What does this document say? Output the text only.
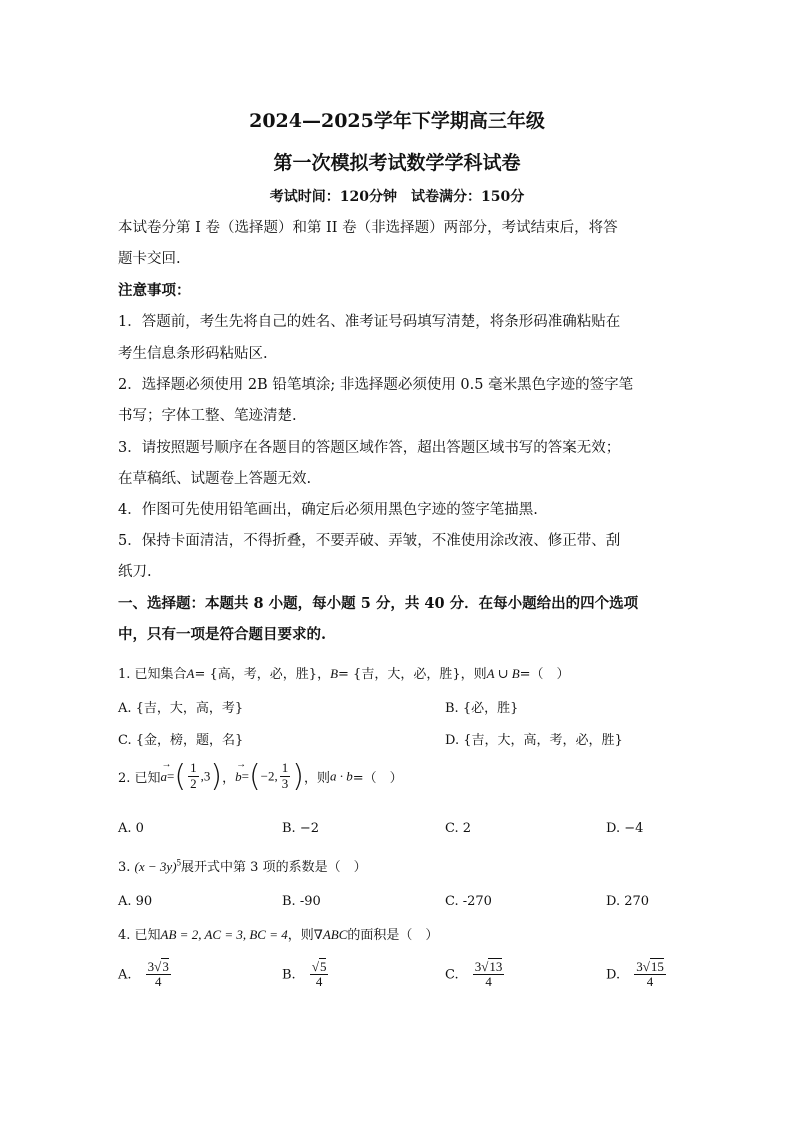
2024—2025学年下学期高三年级
第一次模拟考试数学学科试卷
考试时间：120分钟　试卷满分：150分
本试卷分第 I 卷（选择题）和第 II 卷（非选择题）两部分，考试结束后，将答
题卡交回.
注意事项：
1．答题前，考生先将自己的姓名、准考证号码填写清楚，将条形码准确粘贴在
考生信息条形码粘贴区.
2．选择题必须使用 2B 铅笔填涂; 非选择题必须使用 0.5 毫米黑色字迹的签字笔
书写；字体工整、笔迹清楚.
3．请按照题号顺序在各题目的答题区域作答，超出答题区域书写的答案无效；
在草稿纸、试题卷上答题无效.
4．作图可先使用铅笔画出，确定后必须用黑色字迹的签字笔描黑.
5．保持卡面清洁，不得折叠，不要弄破、弄皱，不准使用涂改液、修正带、刮
纸刀.
一、选择题：本题共 8 小题，每小题 5 分，共 40 分．在每小题给出的四个选项
中，只有一项是符合题目要求的.
1. 已知集合A= {高，考，必，胜}，B= {吉，大，必，胜}，则A ∪ B=（　）
A. {吉，大，高，考}	B. {必，胜}
C. {金，榜，题，名}	D. {吉，大，高，考，必，胜}
2. 已知
→
$a=( \frac{1}{2} ,3)$，
→
b=(−2, $\frac{1}{3}$ )，则a · b=（　）
A. 0	B. −2	C. 2	D. −4
3. $(x - 3y)^5$展开式中第 3 项的系数是（　）
A. 90	B. -90	C. -270	D. 270
4. 已知AB = 2, AC = 3, BC = 4，则∇ABC的面积是（　）
A. $\frac{3√3}{4}$	B. $\frac{√5}{4}$	C. $\frac{3√13}{4}$	D. $\frac{3√15}{4}$
